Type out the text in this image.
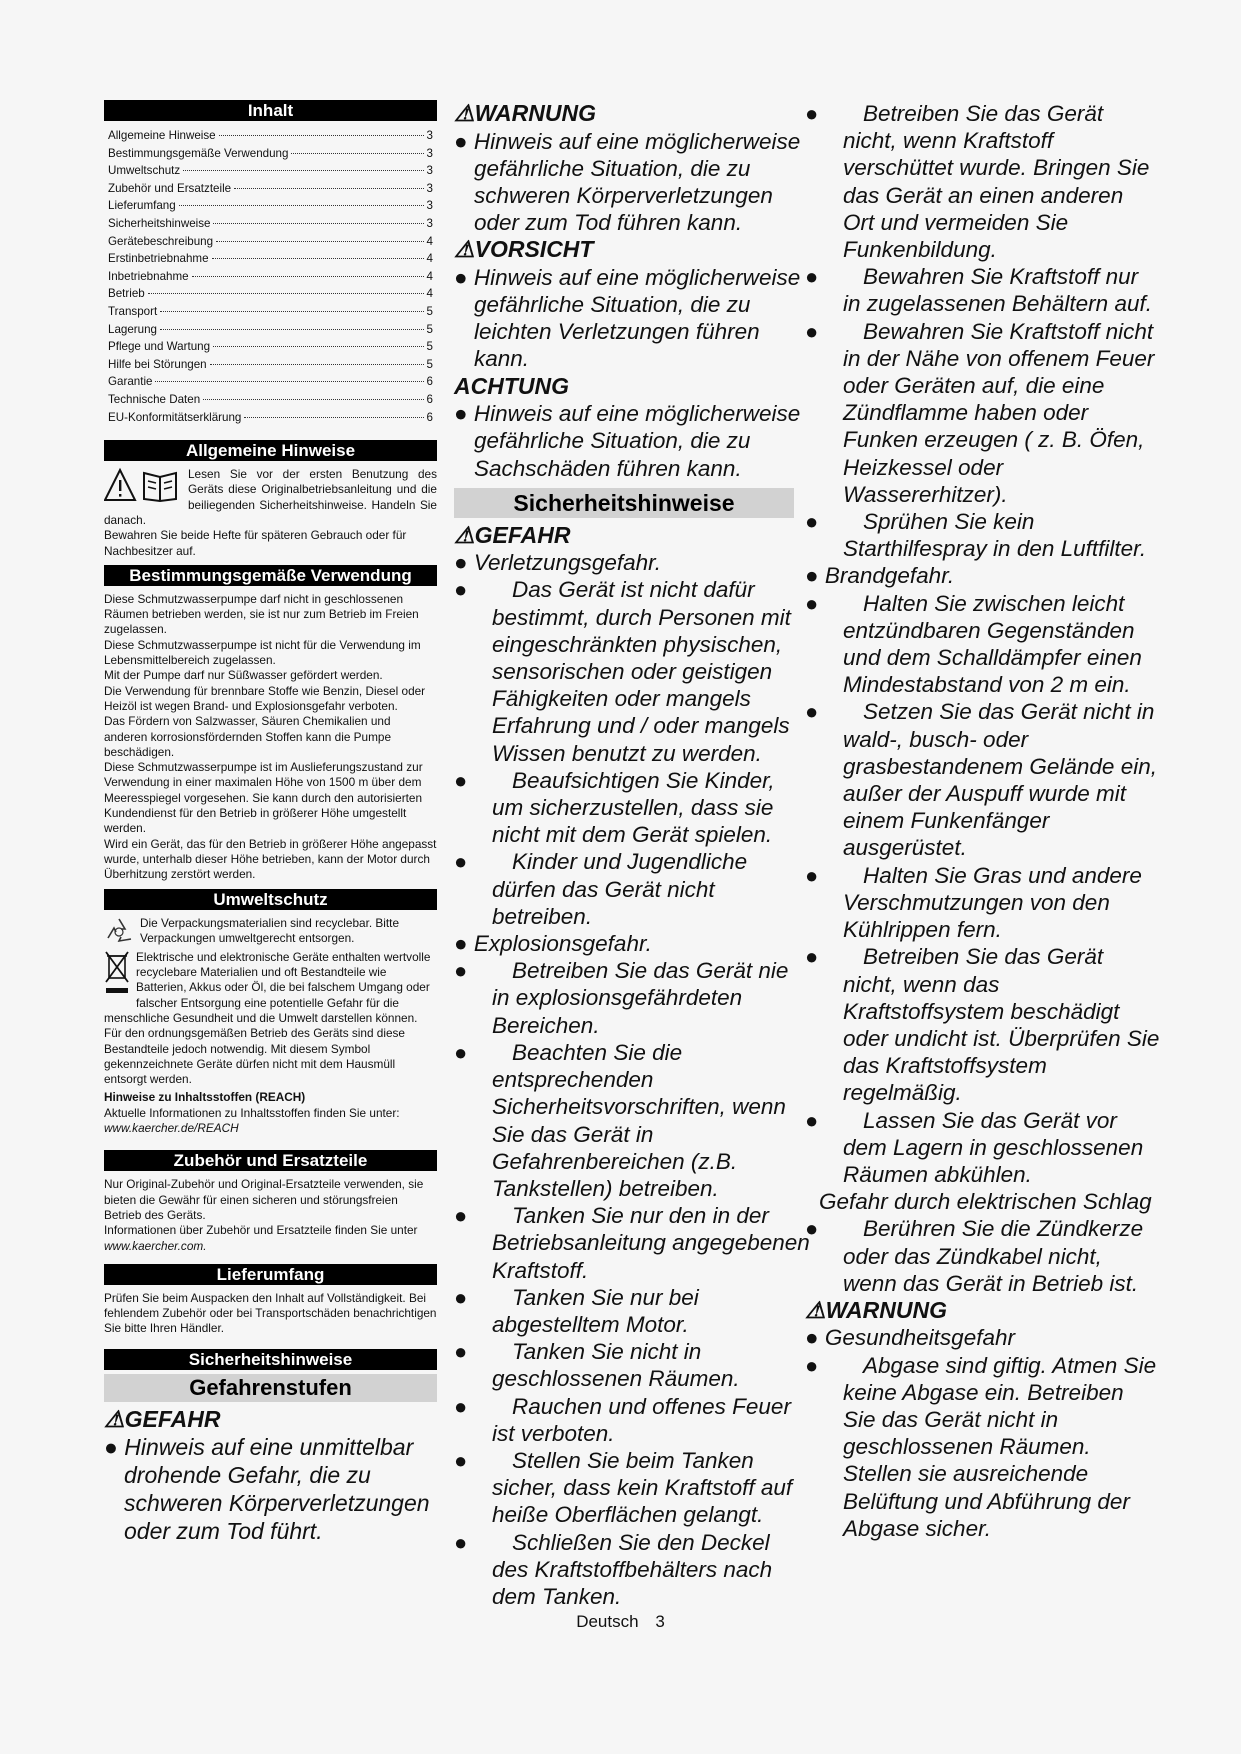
Inhalt
Allgemeine Hinweise	3
Bestimmungsgemäße Verwendung	3
Umweltschutz	3
Zubehör und Ersatzteile	3
Lieferumfang	3
Sicherheitshinweise	3
Gerätebeschreibung	4
Erstinbetriebnahme	4
Inbetriebnahme	4
Betrieb	4
Transport	5
Lagerung	5
Pflege und Wartung	5
Hilfe bei Störungen	5
Garantie	6
Technische Daten	6
EU-Konformitätserklärung	6
Allgemeine Hinweise

Lesen Sie vor der ersten Benutzung des Geräts diese Originalbetriebsanleitung und die beiliegenden Sicherheitshinweise. Handeln Sie danach.

Bewahren Sie beide Hefte für späteren Gebrauch oder für Nachbesitzer auf.

Bestimmungsgemäße Verwendung

Diese Schmutzwasserpumpe darf nicht in geschlossenen Räumen betrieben werden, sie ist nur zum Betrieb im Freien zugelassen.

Diese Schmutzwasserpumpe ist nicht für die Verwendung im Lebensmittelbereich zugelassen.

Mit der Pumpe darf nur Süßwasser gefördert werden.

Die Verwendung für brennbare Stoffe wie Benzin, Diesel oder Heizöl ist wegen Brand- und Explosionsgefahr verboten.

Das Fördern von Salzwasser, Säuren Chemikalien und anderen korrosionsfördernden Stoffen kann die Pumpe beschädigen.

Diese Schmutzwasserpumpe ist im Auslieferungszustand zur Verwendung in einer maximalen Höhe von 1500 m über dem Meeresspiegel vorgesehen. Sie kann durch den autorisierten Kundendienst für den Betrieb in größerer Höhe umgestellt werden.

Wird ein Gerät, das für den Betrieb in größerer Höhe angepasst wurde, unterhalb dieser Höhe betrieben, kann der Motor durch Überhitzung zerstört werden.

Umweltschutz

Die Verpackungsmaterialien sind recyclebar. Bitte Verpackungen umweltgerecht entsorgen.

Elektrische und elektronische Geräte enthalten wertvolle recyclebare Materialien und oft Bestandteile wie Batterien, Akkus oder Öl, die bei falschem Umgang oder falscher Entsorgung eine potentielle Gefahr für die menschliche Gesundheit und die Umwelt darstellen können. Für den ordnungsgemäßen Betrieb des Geräts sind diese Bestandteile jedoch notwendig. Mit diesem Symbol gekennzeichnete Geräte dürfen nicht mit dem Hausmüll entsorgt werden.

Hinweise zu Inhaltsstoffen (REACH)

Aktuelle Informationen zu Inhaltsstoffen finden Sie unter: www.kaercher.de/REACH

Zubehör und Ersatzteile

Nur Original-Zubehör und Original-Ersatzteile verwenden, sie bieten die Gewähr für einen sicheren und störungsfreien Betrieb des Geräts.

Informationen über Zubehör und Ersatzteile finden Sie unter www.kaercher.com.

Lieferumfang

Prüfen Sie beim Auspacken den Inhalt auf Vollständigkeit. Bei fehlendem Zubehör oder bei Transportschäden benachrichtigen Sie bitte Ihren Händler.

Sicherheitshinweise
Gefahrenstufen

⚠GEFAHR

● Hinweis auf eine unmittelbar drohende Gefahr, die zu schweren Körperverletzungen oder zum Tod führt.

⚠WARNUNG

● Hinweis auf eine möglicherweise gefährliche Situation, die zu schweren Körperverletzungen oder zum Tod führen kann.

⚠VORSICHT

● Hinweis auf eine möglicherweise gefährliche Situation, die zu leichten Verletzungen führen kann.

ACHTUNG

● Hinweis auf eine möglicherweise gefährliche Situation, die zu Sachschäden führen kann.

Sicherheitshinweise

⚠GEFAHR

● Verletzungsgefahr.

●	Das Gerät ist nicht dafür bestimmt, durch Personen mit eingeschränkten physischen, sensorischen oder geistigen Fähigkeiten oder mangels Erfahrung und / oder mangels Wissen benutzt zu werden.
●	Beaufsichtigen Sie Kinder, um sicherzustellen, dass sie nicht mit dem Gerät spielen.
●	Kinder und Jugendliche dürfen das Gerät nicht betreiben.

● Explosionsgefahr.

●	Betreiben Sie das Gerät nie in explosionsgefährdeten Bereichen.
●	Beachten Sie die entsprechenden Sicherheitsvorschriften, wenn Sie das Gerät in Gefahrenbereichen (z.B. Tankstellen) betreiben.
●	Tanken Sie nur den in der Betriebsanleitung angegebenen Kraftstoff.
●	Tanken Sie nur bei abgestelltem Motor.
●	Tanken Sie nicht in geschlossenen Räumen.
●	Rauchen und offenes Feuer ist verboten.
●	Stellen Sie beim Tanken sicher, dass kein Kraftstoff auf heiße Oberflächen gelangt.
●	Schließen Sie den Deckel des Kraftstoffbehälters nach dem Tanken.
●	Betreiben Sie das Gerät nicht, wenn Kraftstoff verschüttet wurde. Bringen Sie das Gerät an einen anderen Ort und vermeiden Sie Funkenbildung.
●	Bewahren Sie Kraftstoff nur in zugelassenen Behältern auf.
●	Bewahren Sie Kraftstoff nicht in der Nähe von offenem Feuer oder Geräten auf, die eine Zündflamme haben oder Funken erzeugen ( z. B. Öfen, Heizkessel oder Wassererhitzer).
●	Sprühen Sie kein Starthilfespray in den Luftfilter.

● Brandgefahr.

●	Halten Sie zwischen leicht entzündbaren Gegenständen und dem Schalldämpfer einen Mindestabstand von 2 m ein.
●	Setzen Sie das Gerät nicht in wald-, busch- oder grasbestandenem Gelände ein, außer der Auspuff wurde mit einem Funkenfänger ausgerüstet.
●	Halten Sie Gras und andere Verschmutzungen von den Kühlrippen fern.
●	Betreiben Sie das Gerät nicht, wenn das Kraftstoffsystem beschädigt oder undicht ist. Überprüfen Sie das Kraftstoffsystem regelmäßig.
●	Lassen Sie das Gerät vor dem Lagern in geschlossenen Räumen abkühlen.

Gefahr durch elektrischen Schlag

●	Berühren Sie die Zündkerze oder das Zündkabel nicht, wenn das Gerät in Betrieb ist.

⚠WARNUNG

● Gesundheitsgefahr

●	Abgase sind giftig. Atmen Sie keine Abgase ein. Betreiben Sie das Gerät nicht in geschlossenen Räumen. Stellen sie ausreichende Belüftung und Abführung der Abgase sicher.
Deutsch 3
